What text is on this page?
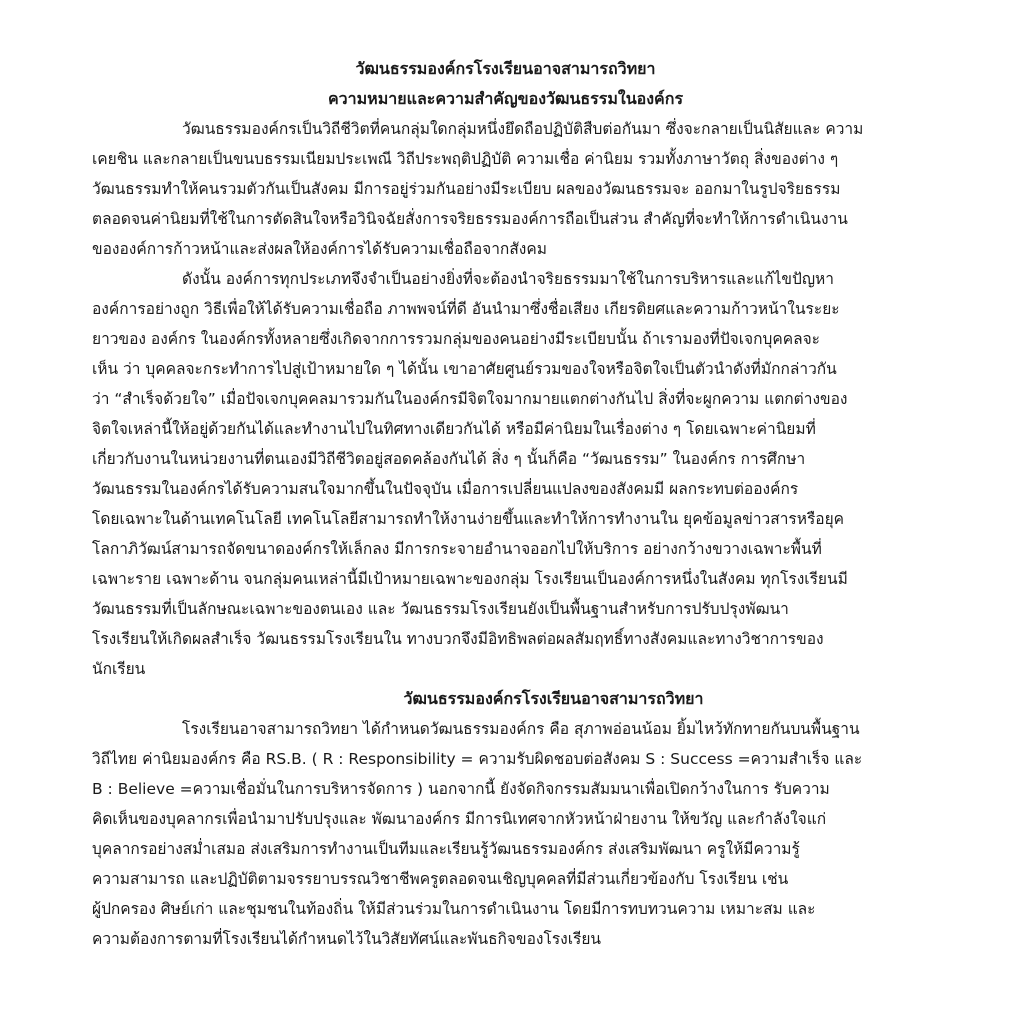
วัฒนธรรมองค์กรโรงเรียนอาจสามารถวิทยา
ความหมายและความสำคัญของวัฒนธรรมในองค์กร
วัฒนธรรมองค์กรเป็นวิถีชีวิตที่คนกลุ่มใดกลุ่มหนึ่งยึดถือปฏิบัติสืบต่อกันมา ซึ่งจะกลายเป็นนิสัยและ ความ
เคยชิน และกลายเป็นขนบธรรมเนียมประเพณี วิถีประพฤติปฏิบัติ ความเชื่อ ค่านิยม รวมทั้งภาษาวัตถุ สิ่งของต่าง ๆ
วัฒนธรรมทำให้คนรวมตัวกันเป็นสังคม มีการอยู่ร่วมกันอย่างมีระเบียบ ผลของวัฒนธรรมจะ ออกมาในรูปจริยธรรม
ตลอดจนค่านิยมที่ใช้ในการตัดสินใจหรือวินิจฉัยสั่งการจริยธรรมองค์การถือเป็นส่วน สำคัญที่จะทำให้การดำเนินงาน
ขององค์การก้าวหน้าและส่งผลให้องค์การได้รับความเชื่อถือจากสังคม
ดังนั้น องค์การทุกประเภทจึงจำเป็นอย่างยิ่งที่จะต้องนำจริยธรรมมาใช้ในการบริหารและแก้ไขปัญหา
องค์การอย่างถูก วิธีเพื่อให้ได้รับความเชื่อถือ ภาพพจน์ที่ดี อันนำมาซึ่งชื่อเสียง เกียรติยศและความก้าวหน้าในระยะ
ยาวของ องค์กร ในองค์กรทั้งหลายซึ่งเกิดจากการรวมกลุ่มของคนอย่างมีระเบียบนั้น ถ้าเรามองที่ปัจเจกบุคคลจะ
เห็น ว่า บุคคลจะกระทำการไปสู่เป้าหมายใด ๆ ได้นั้น เขาอาศัยศูนย์รวมของใจหรือจิตใจเป็นตัวนำดังที่มักกล่าวกัน
ว่า “สำเร็จด้วยใจ” เมื่อปัจเจกบุคคลมารวมกันในองค์กรมีจิตใจมากมายแตกต่างกันไป สิ่งที่จะผูกความ แตกต่างของ
จิตใจเหล่านี้ให้อยู่ด้วยกันได้และทำงานไปในทิศทางเดียวกันได้ หรือมีค่านิยมในเรื่องต่าง ๆ โดยเฉพาะค่านิยมที่
เกี่ยวกับงานในหน่วยงานที่ตนเองมีวิถีชีวิตอยู่สอดคล้องกันได้ สิ่ง ๆ นั้นก็คือ “วัฒนธรรม” ในองค์กร การศึกษา
วัฒนธรรมในองค์กรได้รับความสนใจมากขึ้นในปัจจุบัน เมื่อการเปลี่ยนแปลงของสังคมมี ผลกระทบต่อองค์กร
โดยเฉพาะในด้านเทคโนโลยี เทคโนโลยีสามารถทำให้งานง่ายขึ้นและทำให้การทำงานใน ยุคข้อมูลข่าวสารหรือยุค
โลกาภิวัฒน์สามารถจัดขนาดองค์กรให้เล็กลง มีการกระจายอำนาจออกไปให้บริการ อย่างกว้างขวางเฉพาะพื้นที่
เฉพาะราย เฉพาะด้าน จนกลุ่มคนเหล่านี้มีเป้าหมายเฉพาะของกลุ่ม โรงเรียนเป็นองค์การหนึ่งในสังคม ทุกโรงเรียนมี
วัฒนธรรมที่เป็นลักษณะเฉพาะของตนเอง และ วัฒนธรรมโรงเรียนยังเป็นพื้นฐานสำหรับการปรับปรุงพัฒนา
โรงเรียนให้เกิดผลสำเร็จ วัฒนธรรมโรงเรียนใน ทางบวกจึงมีอิทธิพลต่อผลสัมฤทธิ์ทางสังคมและทางวิชาการของ
นักเรียน
วัฒนธรรมองค์กรโรงเรียนอาจสามารถวิทยา
โรงเรียนอาจสามารถวิทยา ได้กำหนดวัฒนธรรมองค์กร คือ สุภาพอ่อนน้อม ยิ้มไหว้ทักทายกันบนพื้นฐาน
วิถีไทย ค่านิยมองค์กร คือ RS.B. ( R : Responsibility = ความรับผิดชอบต่อสังคม S : Success =ความสำเร็จ และ
B : Believe =ความเชื่อมั่นในการบริหารจัดการ ) นอกจากนี้ ยังจัดกิจกรรมสัมมนาเพื่อเปิดกว้างในการ รับความ
คิดเห็นของบุคลากรเพื่อนำมาปรับปรุงและ พัฒนาองค์กร มีการนิเทศจากหัวหน้าฝ่ายงาน ให้ขวัญ และกำลังใจแก่
บุคลากรอย่างสม่ำเสมอ ส่งเสริมการทำงานเป็นทีมและเรียนรู้วัฒนธรรมองค์กร ส่งเสริมพัฒนา ครูให้มีความรู้
ความสามารถ และปฏิบัติตามจรรยาบรรณวิชาชีพครูตลอดจนเชิญบุคคลที่มีส่วนเกี่ยวข้องกับ โรงเรียน เช่น
ผู้ปกครอง ศิษย์เก่า และชุมชนในท้องถิ่น ให้มีส่วนร่วมในการดำเนินงาน โดยมีการทบทวนความ เหมาะสม และ
ความต้องการตามที่โรงเรียนได้กำหนดไว้ในวิสัยทัศน์และพันธกิจของโรงเรียน
